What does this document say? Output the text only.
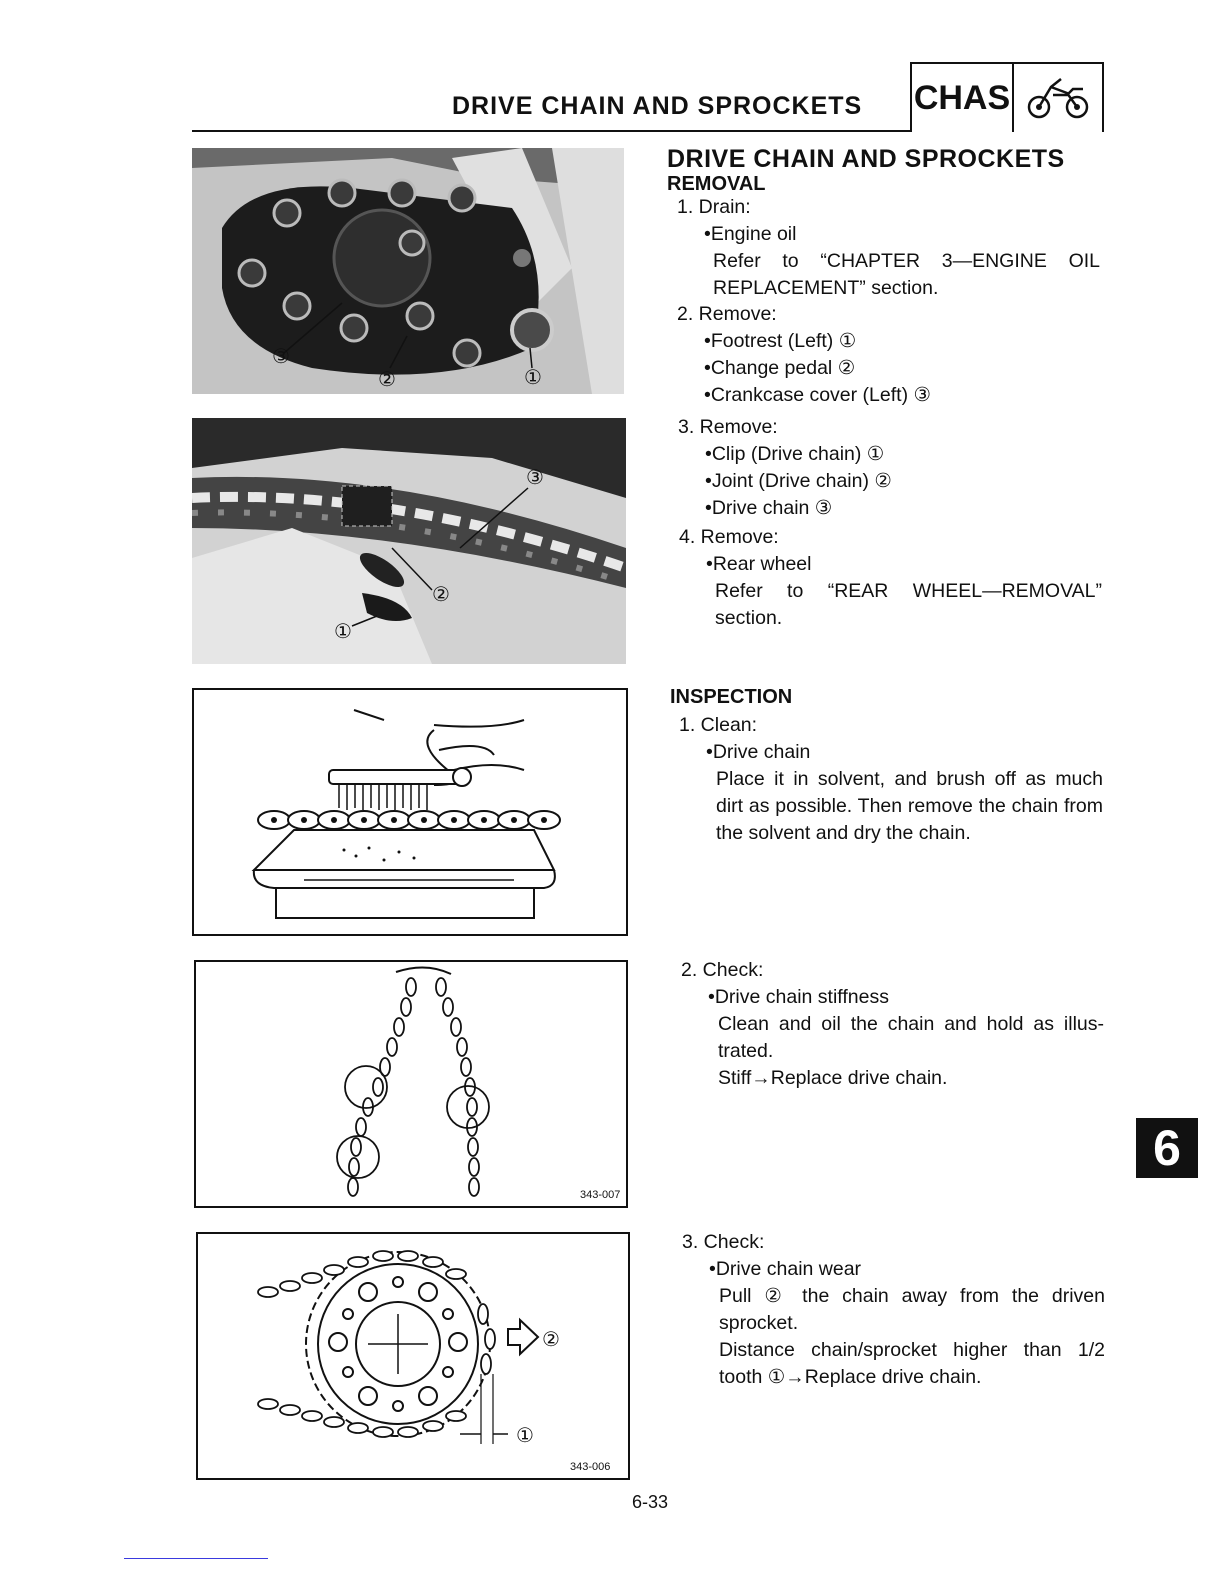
DRIVE CHAIN AND SPROCKETS CHAS
③
②	①
③
②
①
343-007
②
①
343-006
DRIVE CHAIN AND SPROCKETS
REMOVAL
1. Drain:
•Engine oil
Refer to “CHAPTER 3—ENGINE OIL
REPLACEMENT” section.
2. Remove:
•Footrest (Left) ①
•Change pedal ②
•Crankcase cover (Left) ③
3. Remove:
•Clip (Drive chain) ①
•Joint (Drive chain) ②
•Drive chain ③
4. Remove:
•Rear wheel
Refer to “REAR WHEEL—REMOVAL”
section.
INSPECTION
1. Clean:
•Drive chain
Place it in solvent, and brush off as much
dirt as possible. Then remove the chain from
the solvent and dry the chain.
2. Check:
•Drive chain stiffness
Clean and oil the chain and hold as illus-
trated.
Stiff→Replace drive chain.
3. Check:
•Drive chain wear
Pull ② the chain away from the driven
sprocket.
Distance chain/sprocket higher than 1/2
tooth ①→Replace drive chain.
6
6-33
